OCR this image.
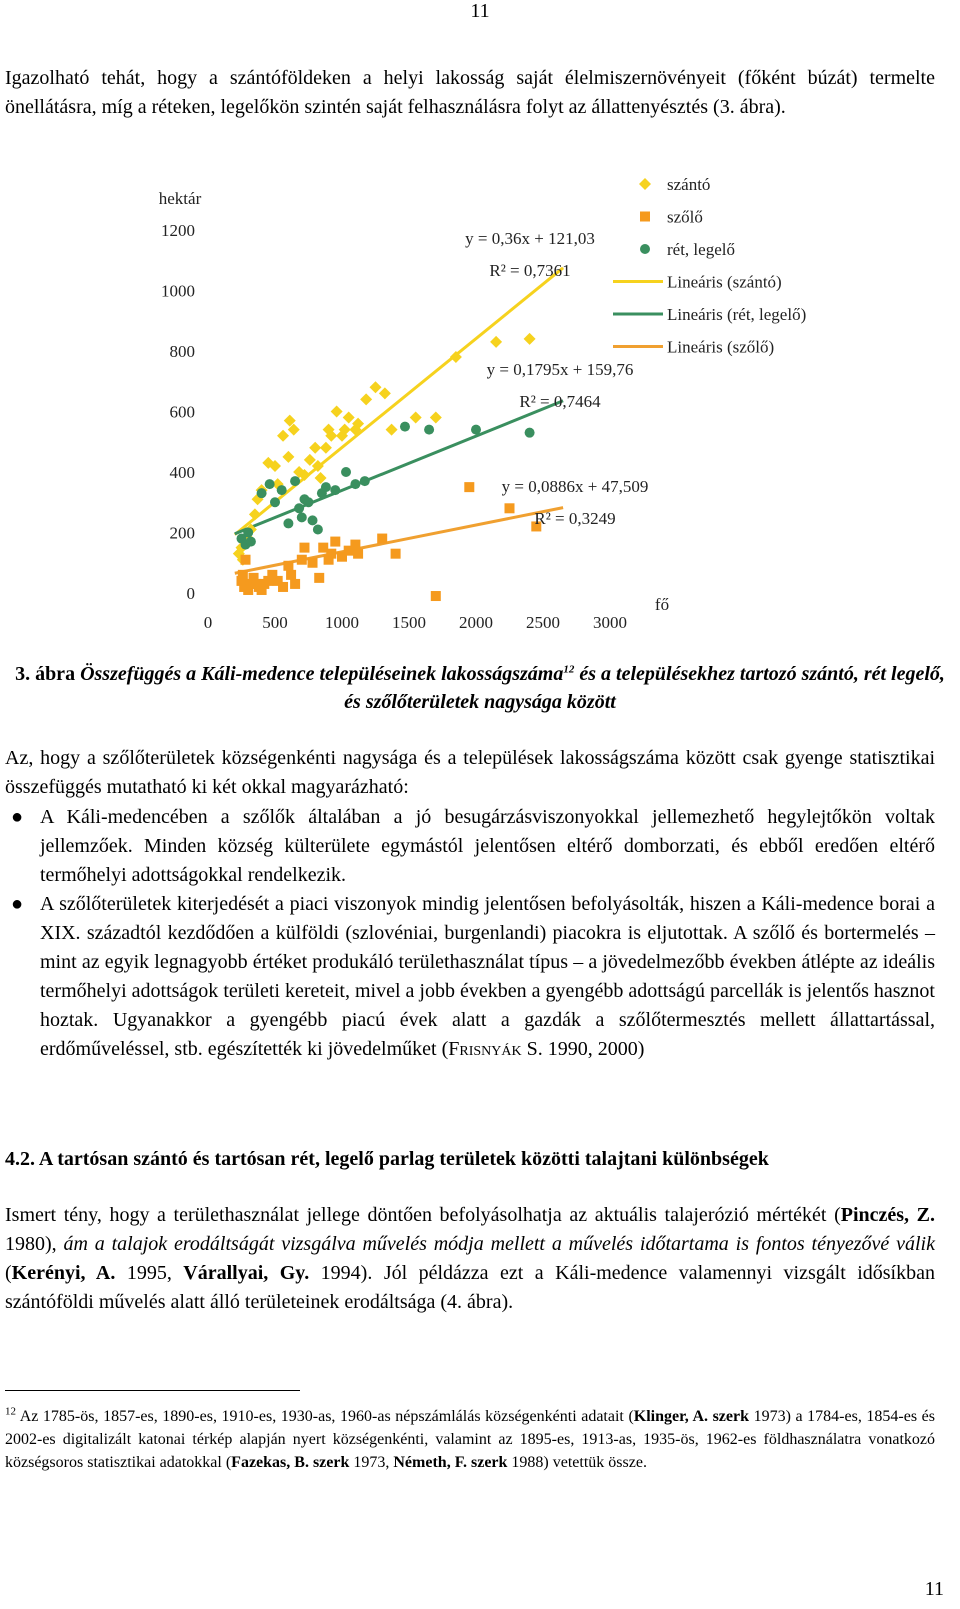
11

Igazolható tehát, hogy a szántóföldeken a helyi lakosság saját élelmiszernövényeit (főként búzát) termelte önellátásra, míg a réteken, legelőkön szintén saját felhasználásra folyt az állattenyésztés (3. ábra).

hektár
0
200
400
600
800
1000
1200
0	500 1000 1500 2000 2500 3000
fő
y = 0,36x + 121,03
R² = 0,7361
y = 0,1795x + 159,76
R² = 0,7464
y = 0,0886x + 47,509
R² = 0,3249
szántó
szőlő
rét, legelő
Lineáris (szántó)
Lineáris (rét, legelő)
Lineáris (szőlő)
3. ábra Összefüggés a Káli-medence településeinek lakosságszáma$^{12}$ és a településekhez tartozó szántó, rét legelő, és szőlőterületek nagysága között

Az, hogy a szőlőterületek községenkénti nagysága és a települések lakosságszáma között csak gyenge statisztikai összefüggés mutatható ki két okkal magyarázható:

● A Káli-medencében a szőlők általában a jó besugárzásviszonyokkal jellemezhető hegylejtőkön voltak jellemzőek. Minden község külterülete egymástól jelentősen eltérő domborzati, és ebből eredően eltérő termőhelyi adottságokkal rendelkezik.
● A szőlőterületek kiterjedését a piaci viszonyok mindig jelentősen befolyásolták, hiszen a Káli-medence borai a XIX. századtól kezdődően a külföldi (szlovéniai, burgenlandi) piacokra is eljutottak. A szőlő és bortermelés – mint az egyik legnagyobb értéket produkáló területhasználat típus – a jövedelmezőbb években átlépte az ideális termőhelyi adottságok területi kereteit, mivel a jobb években a gyengébb adottságú parcellák is jelentős hasznot hoztak. Ugyanakkor a gyengébb piacú évek alatt a gazdák a szőlőtermesztés mellett állattartással, erdőműveléssel, stb. egészítették ki jövedelműket (Frisnyák S. 1990, 2000)
4.2. A tartósan szántó és tartósan rét, legelő parlag területek közötti talajtani különbségek

Ismert tény, hogy a területhasználat jellege döntően befolyásolhatja az aktuális talajerózió mértékét (Pinczés, Z. 1980), ám a talajok erodáltságát vizsgálva művelés módja mellett a művelés időtartama is fontos tényezővé válik (Kerényi, A. 1995, Várallyai, Gy. 1994). Jól példázza ezt a Káli-medence valamennyi vizsgált idősíkban szántóföldi művelés alatt álló területeinek erodáltsága (4. ábra).

$^{12}$ Az 1785-ös, 1857-es, 1890-es, 1910-es, 1930-as, 1960-as népszámlálás községenkénti adatait (Klinger, A. szerk 1973) a 1784-es, 1854-es és 2002-es digitalizált katonai térkép alapján nyert községenkénti, valamint az 1895-es, 1913-as, 1935-ös, 1962-es földhasználatra vonatkozó községsoros statisztikai adatokkal (Fazekas, B. szerk 1973, Németh, F. szerk 1988) vetettük össze.
11
